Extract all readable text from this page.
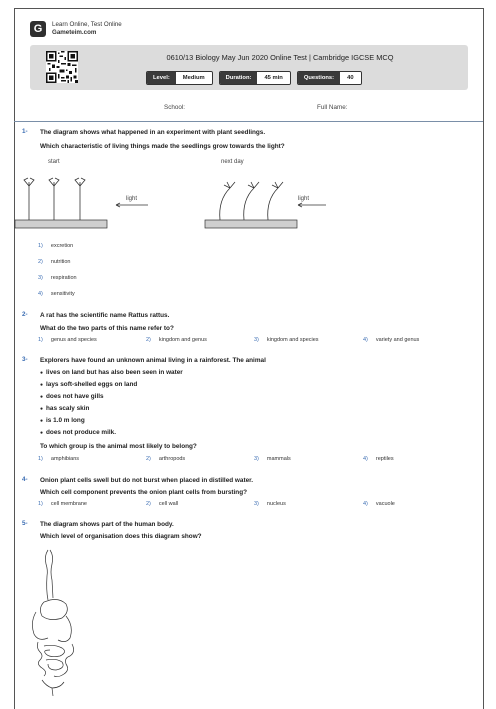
G	Learn Online, Test Online
Gameteim.com
0610/13 Biology May Jun 2020 Online Test | Cambridge IGCSE MCQ
Level:	Medium	Duration:	45 min	Questions:	40
School:	Full Name:
1- The diagram shows what happened in an experiment with plant seedlings.
Which characteristic of living things made the seedlings grow towards the light?
start	next day
light	light
1) excretion
2) nutrition
3) respiration
4) sensitivity
2- A rat has the scientific name Rattus rattus.
What do the two parts of this name refer to?
1) genus and species	2) kingdom and genus	3) kingdom and species	4) variety and genus
3- Explorers have found an unknown animal living in a rainforest. The animal
● lives on land but has also been seen in water
● lays soft-shelled eggs on land
● does not have gills
● has scaly skin
● is 1.0 m long
● does not produce milk.
To which group is the animal most likely to belong?
1) amphibians	2) arthropods	3) mammals	4) reptiles
4- Onion plant cells swell but do not burst when placed in distilled water.
Which cell component prevents the onion plant cells from bursting?
1) cell membrane	2) cell wall	3) nucleus	4) vacuole
5- The diagram shows part of the human body.
Which level of organisation does this diagram show?
